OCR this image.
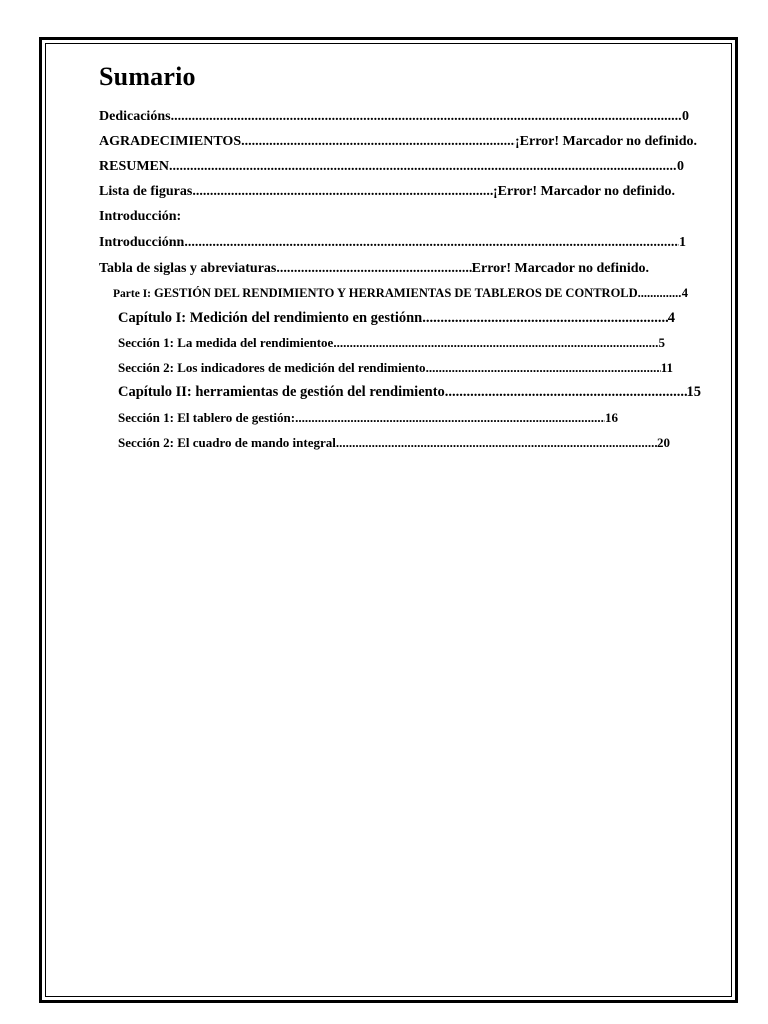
Sumario
Dedicacións .....	0
AGRADECIMIENTOS .....	¡Error! Marcador no definido.
RESUMEN .....	0
Lista de figuras .....	¡Error! Marcador no definido.
Introducción:
Introducciónn .....	1
Tabla de siglas y abreviaturas .....	Error! Marcador no definido.
Parte I: GESTIÓN DEL RENDIMIENTO Y HERRAMIENTAS DE TABLEROS DE CONTROLD .....	4
Capítulo I: Medición del rendimiento en gestiónn .....	4
Sección 1: La medida del rendimientoe .....	5
Sección 2: Los indicadores de medición del rendimiento .....	11
Capítulo II: herramientas de gestión del rendimiento .....	15
Sección 1: El tablero de gestión: .....	16
Sección 2: El cuadro de mando integral .....	20
